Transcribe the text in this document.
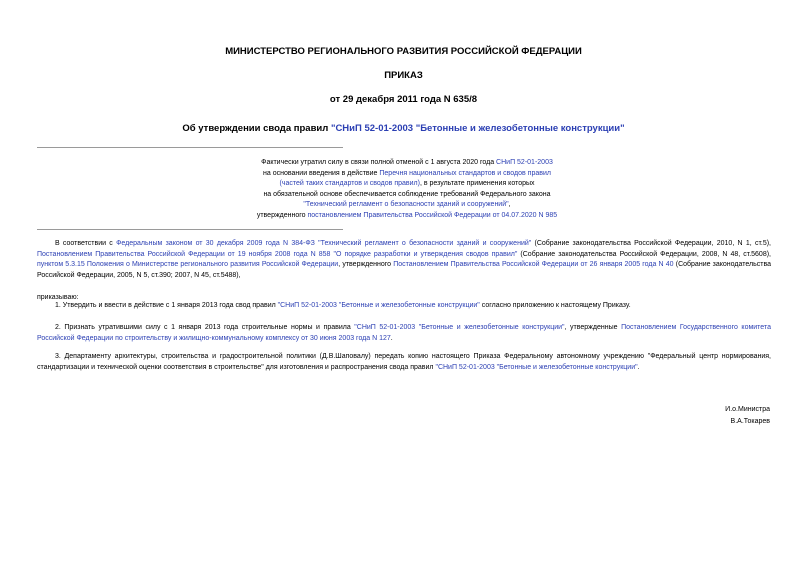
МИНИСТЕРСТВО РЕГИОНАЛЬНОГО РАЗВИТИЯ РОССИЙСКОЙ ФЕДЕРАЦИИ
ПРИКАЗ
от 29 декабря 2011 года N 635/8
Об утверждении свода правил "СНиП 52-01-2003 "Бетонные и железобетонные конструкции"
Фактически утратил силу в связи полной отменой с 1 августа 2020 года СНиП 52-01-2003
на основании введения в действие Перечня национальных стандартов и сводов правил
(частей таких стандартов и сводов правил), в результате применения которых
на обязательной основе обеспечивается соблюдение требований Федерального закона
"Технический регламент о безопасности зданий и сооружений",
утвержденного постановлением Правительства Российской Федерации от 04.07.2020 N 985
В соответствии с Федеральным законом от 30 декабря 2009 года N 384-ФЗ "Технический регламент о безопасности зданий и сооружений" (Собрание законодательства Российской Федерации, 2010, N 1, ст.5), Постановлением Правительства Российской Федерации от 19 ноября 2008 года N 858 "О порядке разработки и утверждения сводов правил" (Собрание законодательства Российской Федерации, 2008, N 48, ст.5608), пунктом 5.3.15 Положения о Министерстве регионального развития Российской Федерации, утвержденного Постановлением Правительства Российской Федерации от 26 января 2005 года N 40 (Собрание законодательства Российской Федерации, 2005, N 5, ст.390; 2007, N 45, ст.5488),
приказываю:
1. Утвердить и ввести в действие с 1 января 2013 года свод правил "СНиП 52-01-2003 "Бетонные и железобетонные конструкции" согласно приложению к настоящему Приказу.
2. Признать утратившими силу с 1 января 2013 года строительные нормы и правила "СНиП 52-01-2003 "Бетонные и железобетонные конструкции", утвержденные Постановлением Государственного комитета Российской Федерации по строительству и жилищно-коммунальному комплексу от 30 июня 2003 года N 127.
3. Департаменту архитектуры, строительства и градостроительной политики (Д.В.Шаповалу) передать копию настоящего Приказа Федеральному автономному учреждению "Федеральный центр нормирования, стандартизации и технической оценки соответствия в строительстве" для изготовления и распространения свода правил "СНиП 52-01-2003 "Бетонные и железобетонные конструкции".
И.о.Министра
В.А.Токарев
